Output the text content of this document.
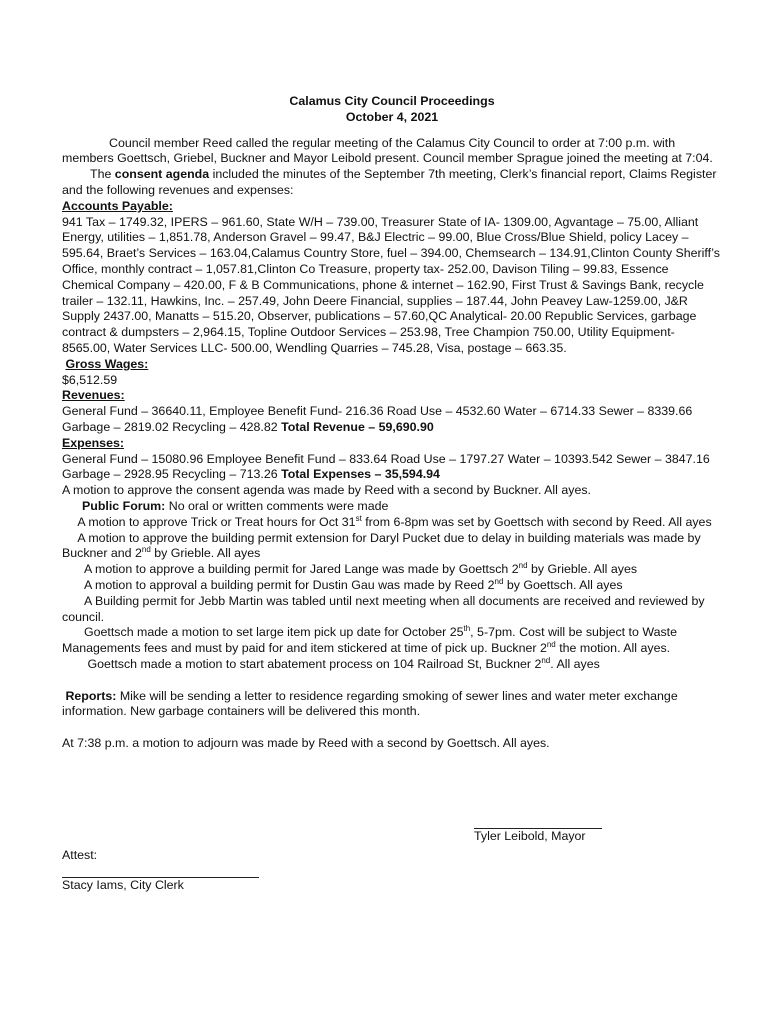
Calamus City Council Proceedings

October 4, 2021

Council member Reed called the regular meeting of the Calamus City Council to order at 7:00 p.m. with members Goettsch, Griebel, Buckner and Mayor Leibold present. Council member Sprague joined the meeting at 7:04.

The consent agenda included the minutes of the September 7th meeting, Clerk’s financial report, Claims Register and the following revenues and expenses:

Accounts Payable:

941 Tax – 1749.32, IPERS – 961.60, State W/H – 739.00, Treasurer State of IA- 1309.00, Agvantage – 75.00, Alliant Energy, utilities – 1,851.78, Anderson Gravel – 99.47, B&J Electric – 99.00, Blue Cross/Blue Shield, policy Lacey – 595.64, Braet’s Services – 163.04,Calamus Country Store, fuel – 394.00, Chemsearch – 134.91,Clinton County Sheriff’s Office, monthly contract – 1,057.81,Clinton Co Treasure, property tax- 252.00, Davison Tiling – 99.83, Essence Chemical Company – 420.00, F & B Communications, phone & internet – 162.90, First Trust & Savings Bank, recycle trailer – 132.11, Hawkins, Inc. – 257.49, John Deere Financial, supplies – 187.44, John Peavey Law-1259.00, J&R Supply 2437.00, Manatts – 515.20, Observer, publications – 57.60,QC Analytical- 20.00 Republic Services, garbage contract & dumpsters – 2,964.15, Topline Outdoor Services – 253.98, Tree Champion 750.00, Utility Equipment- 8565.00, Water Services LLC- 500.00, Wendling Quarries – 745.28, Visa, postage – 663.35.

Gross Wages:

$6,512.59

Revenues:

General Fund – 36640.11, Employee Benefit Fund- 216.36 Road Use – 4532.60 Water – 6714.33 Sewer – 8339.66 Garbage – 2819.02 Recycling – 428.82 Total Revenue – 59,690.90

Expenses:

General Fund – 15080.96 Employee Benefit Fund – 833.64 Road Use – 1797.27 Water – 10393.542 Sewer – 3847.16 Garbage – 2928.95 Recycling – 713.26 Total Expenses – 35,594.94

A motion to approve the consent agenda was made by Reed with a second by Buckner. All ayes.

Public Forum: No oral or written comments were made

A motion to approve Trick or Treat hours for Oct 31st from 6-8pm was set by Goettsch with second by Reed. All ayes

A motion to approve the building permit extension for Daryl Pucket due to delay in building materials was made by Buckner and 2nd by Grieble. All ayes

A motion to approve a building permit for Jared Lange was made by Goettsch 2nd by Grieble. All ayes

A motion to approval a building permit for Dustin Gau was made by Reed 2nd by Goettsch. All ayes

A Building permit for Jebb Martin was tabled until next meeting when all documents are received and reviewed by council.

Goettsch made a motion to set large item pick up date for October 25th, 5-7pm. Cost will be subject to Waste Managements fees and must by paid for and item stickered at time of pick up. Buckner 2nd the motion. All ayes.

Goettsch made a motion to start abatement process on 104 Railroad St, Buckner 2nd. All ayes

Reports: Mike will be sending a letter to residence regarding smoking of sewer lines and water meter exchange information. New garbage containers will be delivered this month.

At 7:38 p.m. a motion to adjourn was made by Reed with a second by Goettsch. All ayes.

Tyler Leibold, Mayor
Attest:
Stacy Iams, City Clerk
